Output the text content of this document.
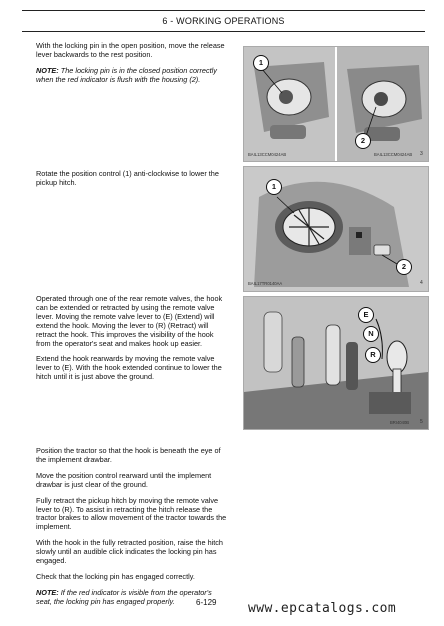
6 - WORKING OPERATIONS

With the locking pin in the open position, move the release lever backwards to the rest position.

NOTE: The locking pin is in the closed position correctly when the red indicator is flush with the housing (2).

1
2
BAIL13CCM0424AB	BAIL13CCM0424AB 3

Rotate the position control (1) anti-clockwise to lower the pickup hitch.	1
2
BAIL17TR0140AA	4

Operated through one of the rear remote valves, the hook can be extended or retracted by using the remote valve lever. Moving the remote valve lever to (E) (Extend) will extend the hook. Moving the lever to (R) (Retract) will retract the hook. This improves the visibility of the hook from the operator's seat and makes hook up easier.

Extend the hook rearwards by moving the remote valve lever to (E). With the hook extended continue to lower the hitch until it is just above the ground.

E
N
R
BRI4040B 5

Position the tractor so that the hook is beneath the eye of the implement drawbar.

Move the position control rearward until the implement drawbar is just clear of the ground.

Fully retract the pickup hitch by moving the remote valve lever to (R). To assist in retracting the hitch release the tractor brakes to allow movement of the tractor towards the implement.

With the hook in the fully retracted position, raise the hitch slowly until an audible click indicates the locking pin has engaged.

Check that the locking pin has engaged correctly.

NOTE: If the red indicator is visible from the operator's seat, the locking pin has engaged properly.	6-129 www.epcatalogs.com
